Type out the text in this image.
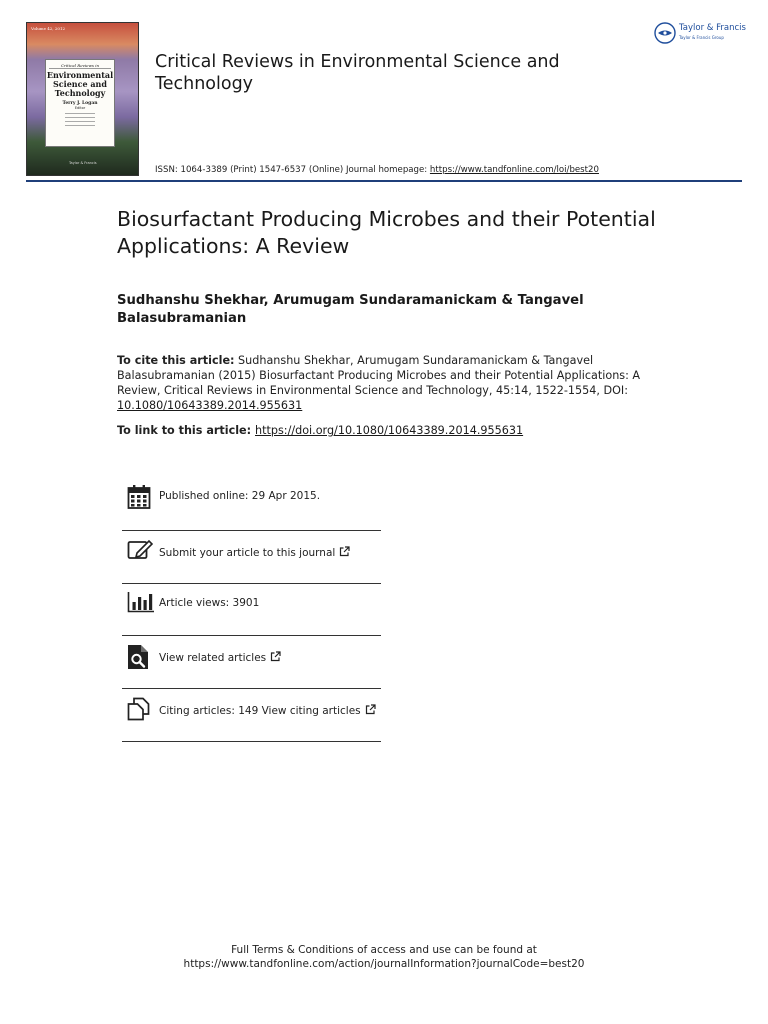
Volume 42, 2012
Critical Reviews in
Environmental
Science and
Technology
Terry J. Logan
Editor
Taylor & Francis
Critical Reviews in Environmental Science and Technology
Taylor & Francis
Taylor & Francis Group
ISSN: 1064-3389 (Print) 1547-6537 (Online) Journal homepage: https://www.tandfonline.com/loi/best20
Biosurfactant Producing Microbes and their Potential Applications: A Review
Sudhanshu Shekhar, Arumugam Sundaramanickam & Tangavel Balasubramanian
To cite this article: Sudhanshu Shekhar, Arumugam Sundaramanickam & Tangavel Balasubramanian (2015) Biosurfactant Producing Microbes and their Potential Applications: A Review, Critical Reviews in Environmental Science and Technology, 45:14, 1522-1554, DOI: 10.1080/10643389.2014.955631
To link to this article: https://doi.org/10.1080/10643389.2014.955631
Published online: 29 Apr 2015.
Submit your article to this journal
Article views: 3901
View related articles
Citing articles: 149 View citing articles
Full Terms & Conditions of access and use can be found at
https://www.tandfonline.com/action/journalInformation?journalCode=best20
